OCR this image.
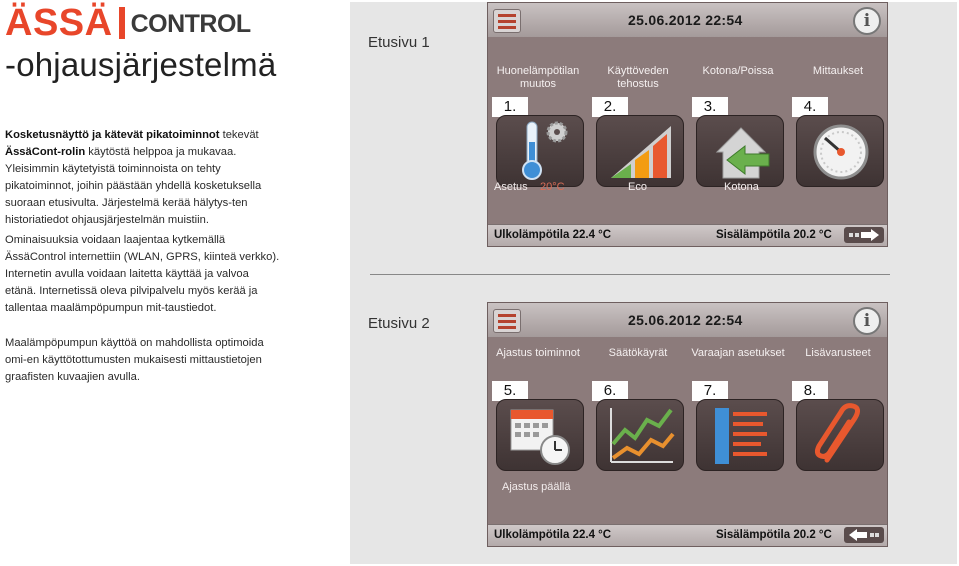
ÄSSÄ CONTROL
-ohjausjärjestelmä

Kosketusnäyttö ja kätevät pikatoiminnot tekevät ÄssäCont-rolin käytöstä helppoa ja mukavaa. Yleisimmin käytetyistä toiminnoista on tehty pikatoiminnot, joihin päästään yhdellä kosketuksella suoraan etusivulta. Järjestelmä kerää hälytys-ten historiatiedot ohjausjärjestelmän muistiin.

Ominaisuuksia voidaan laajentaa kytkemällä ÄssäControl internettiin (WLAN, GPRS, kiinteä verkko). Internetin avulla voidaan laitetta käyttää ja valvoa etänä. Internetissä oleva pilvipalvelu myös kerää ja tallentaa maalämpöpumpun mit-taustiedot.

Maalämpöpumpun käyttöä on mahdollista optimoida omi-en käyttötottumusten mukaisesti mittaustietojen graafisten kuvaajien avulla.

Etusivu 1
Etusivu 2
25.06.2012 22:54	i
Huonelämpötilan muutos
Käyttöveden tehostus
Kotona/Poissa	Mittaukset
1.	2.	3.	4.
Asetus 20°C	Eco	Kotona
Ulkolämpötila 22.4 °C	Sisälämpötila 20.2 °C
25.06.2012 22:54	i
Ajastus toiminnot	Säätökäyrät	Varaajan asetukset	Lisävarusteet
5.	6.	7.	8.
Ajastus päällä
Ulkolämpötila 22.4 °C	Sisälämpötila 20.2 °C
